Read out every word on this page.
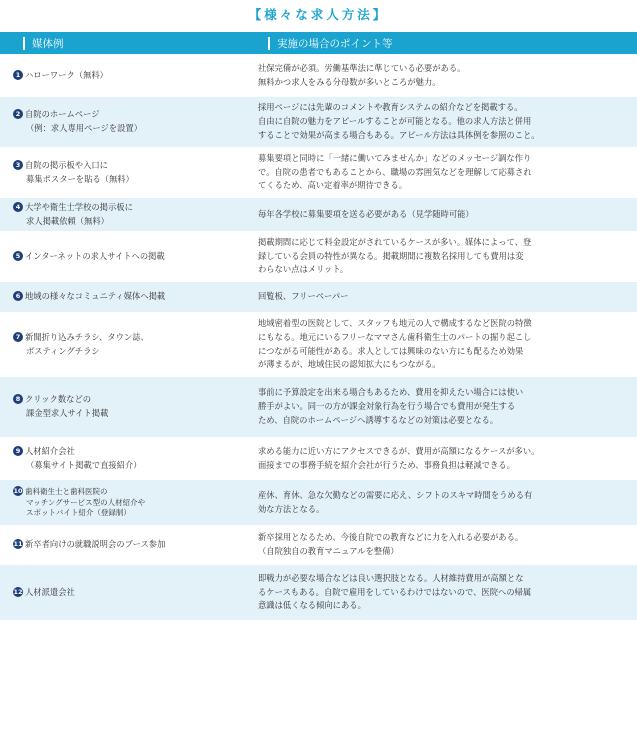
【様々な求人方法】
媒体例	実施の場合のポイント等
1 ハローワーク（無料）
社保完備が必須。労働基準法に準じている必要がある。
無料かつ求人をみる分母数が多いところが魅力。
2 自院のホームページ
（例：求人専用ページを設置）
採用ページには先輩のコメントや教育システムの紹介などを掲載する。
自由に自院の魅力をアピールすることが可能となる。他の求人方法と併用
することで効果が高まる場合もある。アピール方法は具体例を参照のこと。
3 自院の掲示板や入口に
募集ポスターを貼る（無料）
募集要項と同時に「一緒に働いてみませんか」などのメッセージ調な作り
で。自院の患者でもあることから、職場の雰囲気などを理解して応募され
てくるため、高い定着率が期待できる。
4 大学や衛生士学校の掲示板に
求人掲載依頼（無料）
毎年各学校に募集要項を送る必要がある（見学随時可能）
5 インターネットの求人サイトへの掲載
掲載期間に応じて料金設定がされているケースが多い。媒体によって、登
録している会員の特性が異なる。掲載期間に複数名採用しても費用は変
わらない点はメリット。
6 地域の様々なコミュニティ媒体へ掲載	回覧板、フリーペーパー
7 新聞折り込みチラシ、タウン誌、
ポスティングチラシ
地域密着型の医院として、スタッフも地元の人で構成するなど医院の特徴
にもなる。地元にいるフリーなママさん歯科衛生士のパートの掘り起こし
につながる可能性がある。求人としては興味のない方にも配るため効果
が薄まるが、地域住民の認知拡大にもつながる。
8 クリック数などの
課金型求人サイト掲載
事前に予算設定を出来る場合もあるため、費用を抑えたい場合には使い
勝手がよい。同一の方が課金対象行為を行う場合でも費用が発生する
ため、自院のホームページへ誘導するなどの対策は必要となる。
9 人材紹介会社
（募集サイト掲載で直接紹介）
求める能力に近い方にアクセスできるが、費用が高額になるケースが多い。
面接までの事務手続を紹介会社が行うため、事務負担は軽減できる。
10 歯科衛生士と歯科医院の
マッチングサービス型の人材紹介や
スポットバイト紹介（登録制）
産休、育休、急な欠勤などの需要に応え、シフトのスキマ時間をうめる有
効な方法となる。
11 新卒者向けの就職説明会のブース参加
新卒採用となるため、今後自院での教育などに力を入れる必要がある。
（自院独自の教育マニュアルを整備）
12 人材派遣会社
即戦力が必要な場合などは良い選択肢となる。人材維持費用が高額とな
るケースもある。自院で雇用をしているわけではないので、医院への帰属
意識は低くなる傾向にある。
